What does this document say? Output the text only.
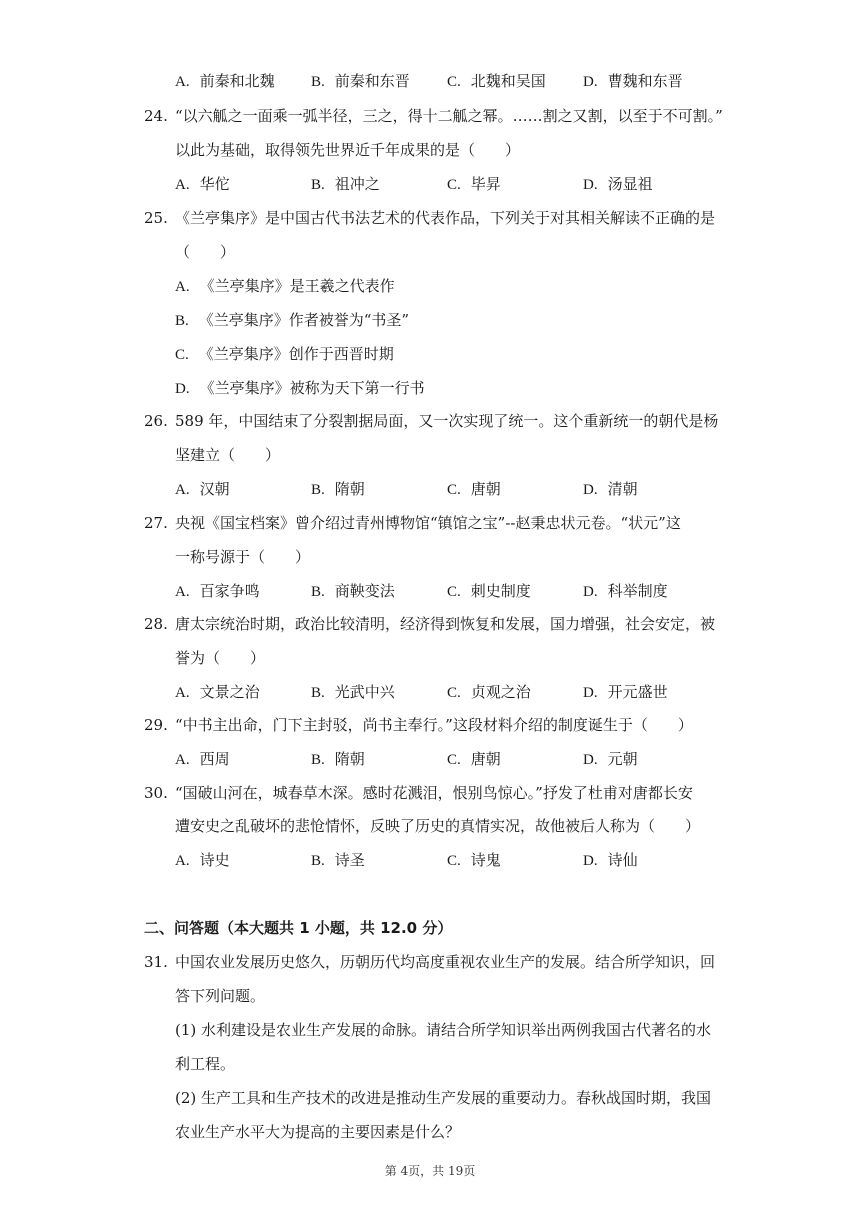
A. 前秦和北魏 B. 前秦和东晋 C. 北魏和吴国 D. 曹魏和东晋
24. “以六觚之一面乘一弧半径，三之，得十二觚之幂。……割之又割，以至于不可割。”
以此为基础，取得领先世界近千年成果的是（　　）
A. 华佗	B. 祖冲之	C. 毕昇	D. 汤显祖
25. 《兰亭集序》是中国古代书法艺术的代表作品，下列关于对其相关解读不正确的是
（　　）
A. 《兰亭集序》是王羲之代表作
B. 《兰亭集序》作者被誉为“书圣”
C. 《兰亭集序》创作于西晋时期
D. 《兰亭集序》被称为天下第一行书
26. 589 年，中国结束了分裂割据局面，又一次实现了统一。这个重新统一的朝代是杨
坚建立（　　）
A. 汉朝	B. 隋朝	C. 唐朝	D. 清朝
27. 央视《国宝档案》曾介绍过青州博物馆“镇馆之宝”--赵秉忠状元卷。“状元”这
一称号源于（　　）
A. 百家争鸣	B. 商鞅变法	C. 刺史制度	D. 科举制度
28. 唐太宗统治时期，政治比较清明，经济得到恢复和发展，国力增强，社会安定，被
誉为（　　）
A. 文景之治	B. 光武中兴	C. 贞观之治	D. 开元盛世
29. “中书主出命，门下主封驳，尚书主奉行。”这段材料介绍的制度诞生于（　　）
A. 西周	B. 隋朝	C. 唐朝	D. 元朝
30. “国破山河在，城春草木深。感时花溅泪，恨别鸟惊心。”抒发了杜甫对唐都长安
遭安史之乱破坏的悲怆情怀，反映了历史的真情实况，故他被后人称为（　　）
A. 诗史	B. 诗圣	C. 诗鬼	D. 诗仙
二、问答题（本大题共 1 小题，共 12.0 分）
31. 中国农业发展历史悠久，历朝历代均高度重视农业生产的发展。结合所学知识，回
答下列问题。
(1) 水利建设是农业生产发展的命脉。请结合所学知识举出两例我国古代著名的水
利工程。
(2) 生产工具和生产技术的改进是推动生产发展的重要动力。春秋战国时期，我国
农业生产水平大为提高的主要因素是什么？
第 4页，共 19页
